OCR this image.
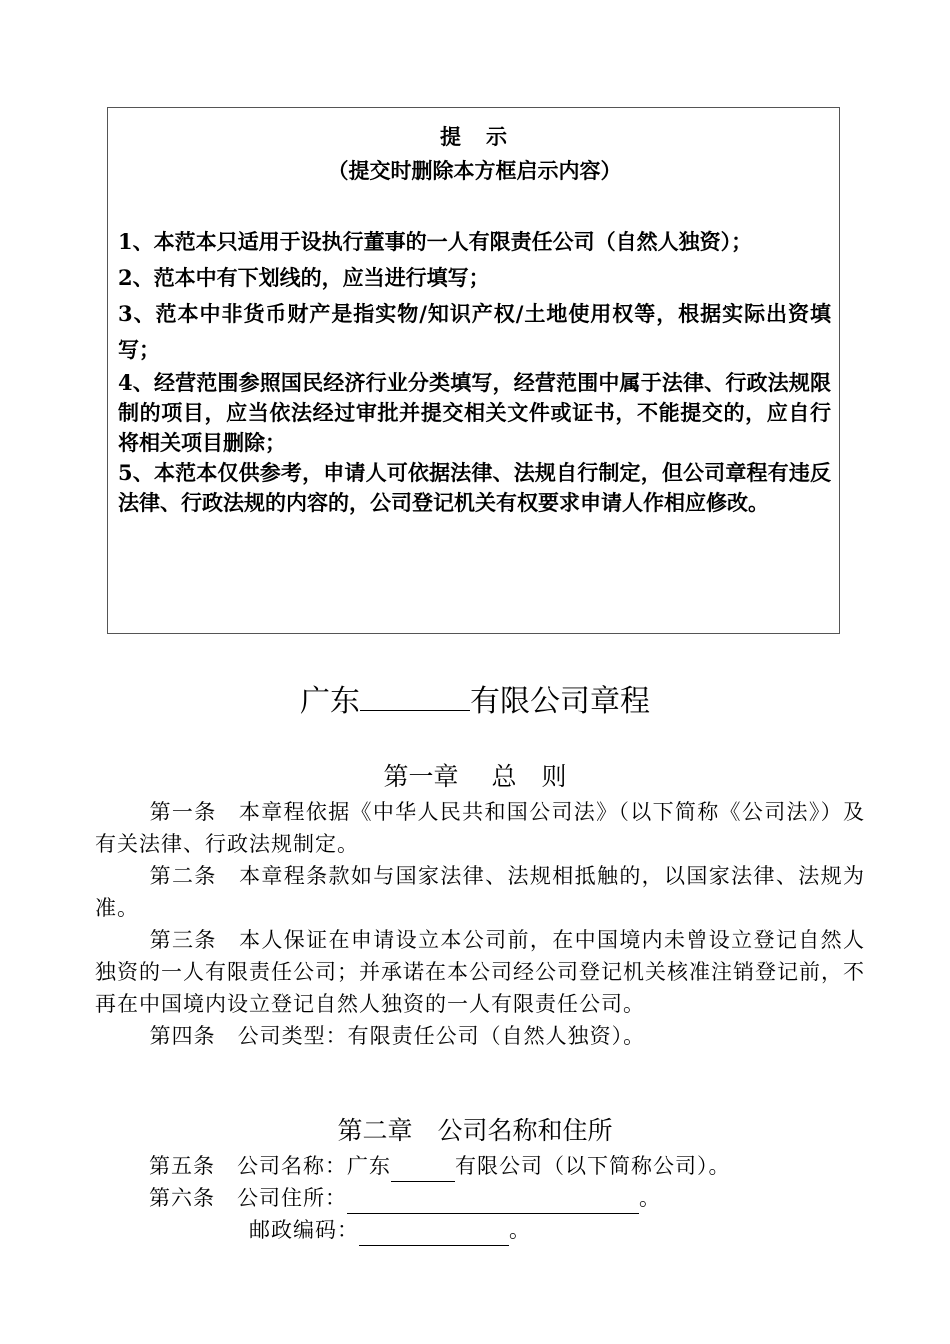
提　示
（提交时删除本方框启示内容）
1、本范本只适用于设执行董事的一人有限责任公司（自然人独资）；
2、范本中有下划线的，应当进行填写；
3、范本中非货币财产是指实物/知识产权/土地使用权等，根据实际出资填写；
4、经营范围参照国民经济行业分类填写，经营范围中属于法律、行政法规限制的项目，应当依法经过审批并提交相关文件或证书，不能提交的，应自行将相关项目删除；
5、本范本仅供参考，申请人可依据法律、法规自行制定，但公司章程有违反法律、行政法规的内容的，公司登记机关有权要求申请人作相应修改。
广东	有限公司章程
第一章　 总　则
第一条　本章程依据《中华人民共和国公司法》（以下简称《公司法》）及有关法律、行政法规制定。
第二条　本章程条款如与国家法律、法规相抵触的，以国家法律、法规为准。
第三条　本人保证在申请设立本公司前，在中国境内未曾设立登记自然人独资的一人有限责任公司；并承诺在本公司经公司登记机关核准注销登记前，不再在中国境内设立登记自然人独资的一人有限责任公司。
第四条　公司类型：有限责任公司（自然人独资）。
第二章　公司名称和住所
第五条　公司名称：广东	有限公司（以下简称公司）。
第六条　公司住所：	。
邮政编码：	。
